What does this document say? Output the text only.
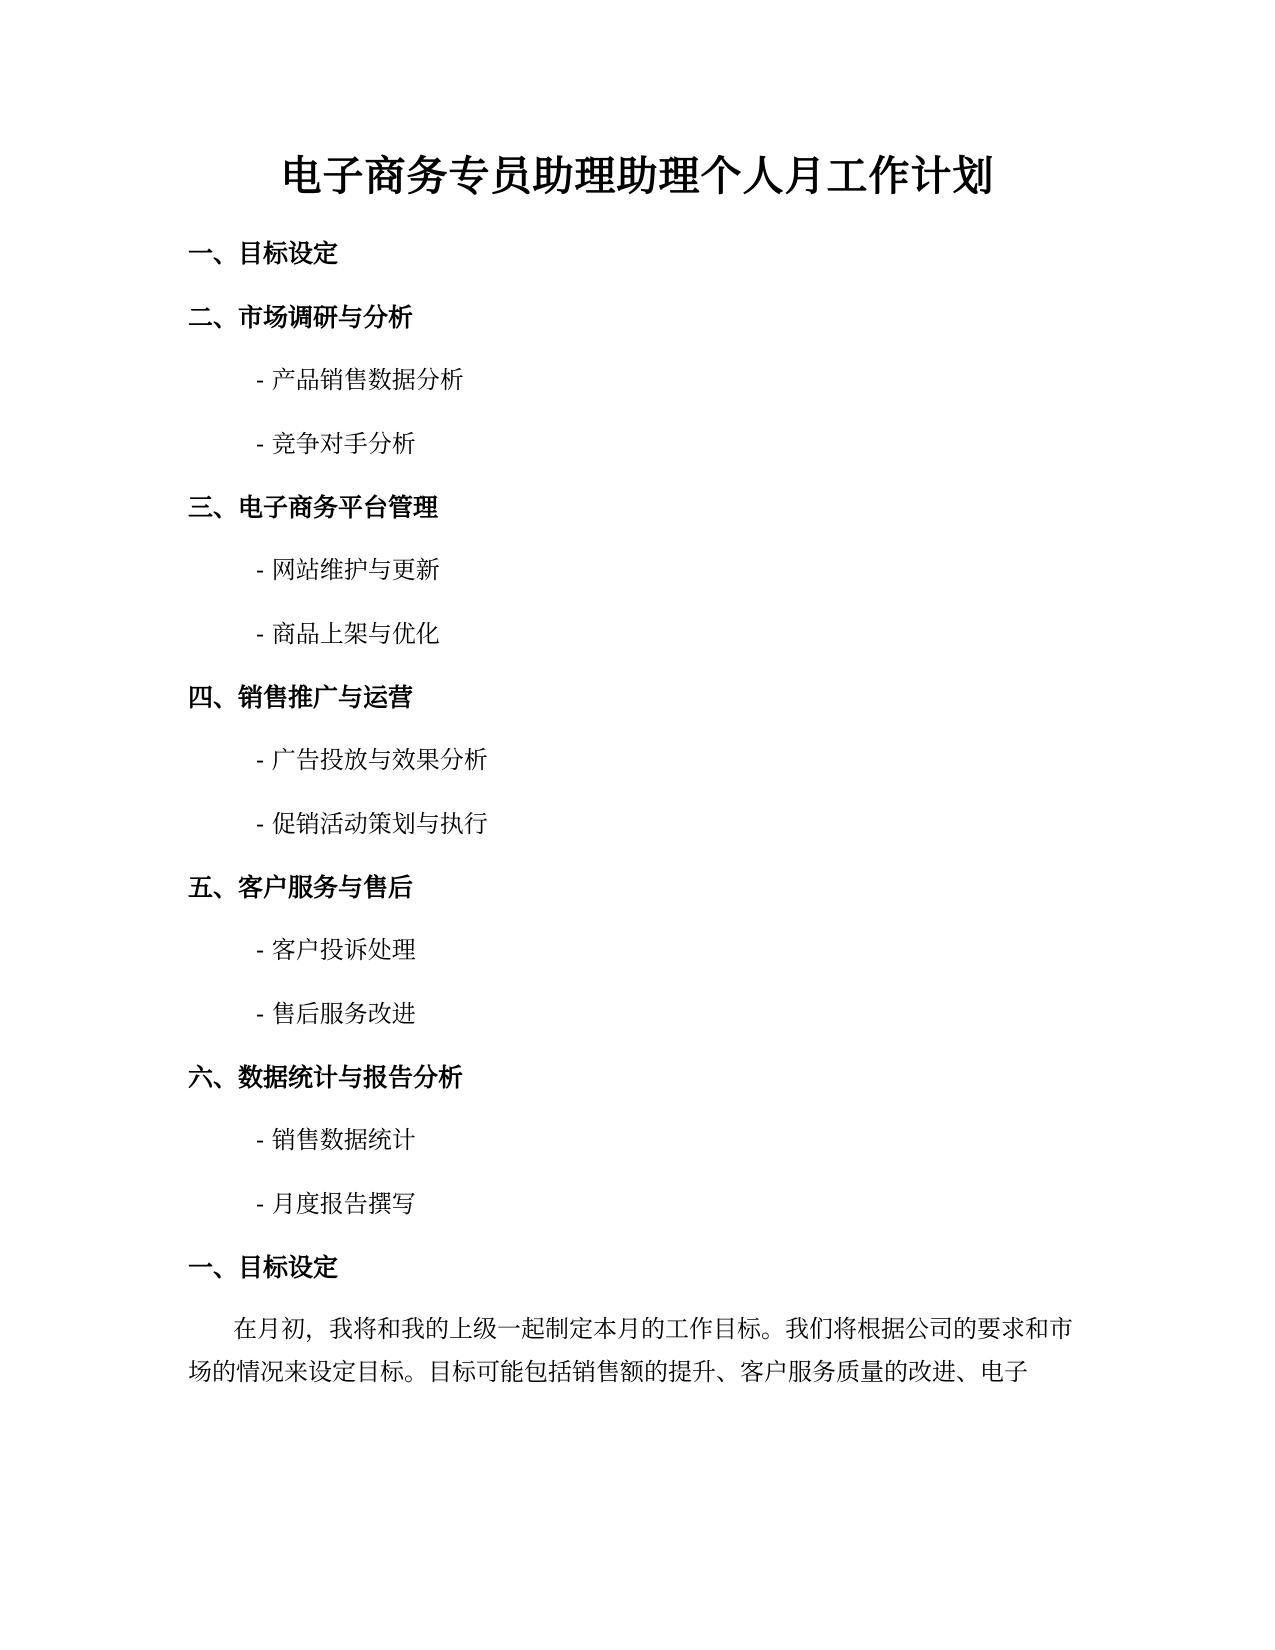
电子商务专员助理助理个人月工作计划
一、目标设定
二、市场调研与分析

- 产品销售数据分析

- 竞争对手分析

三、电子商务平台管理

- 网站维护与更新

- 商品上架与优化

四、销售推广与运营

- 广告投放与效果分析

- 促销活动策划与执行

五、客户服务与售后

- 客户投诉处理

- 售后服务改进

六、数据统计与报告分析

- 销售数据统计

- 月度报告撰写

一、目标设定

在月初，我将和我的上级一起制定本月的工作目标。我们将根据公司的要求和市场的情况来设定目标。目标可能包括销售额的提升、客户服务质量的改进、电子
